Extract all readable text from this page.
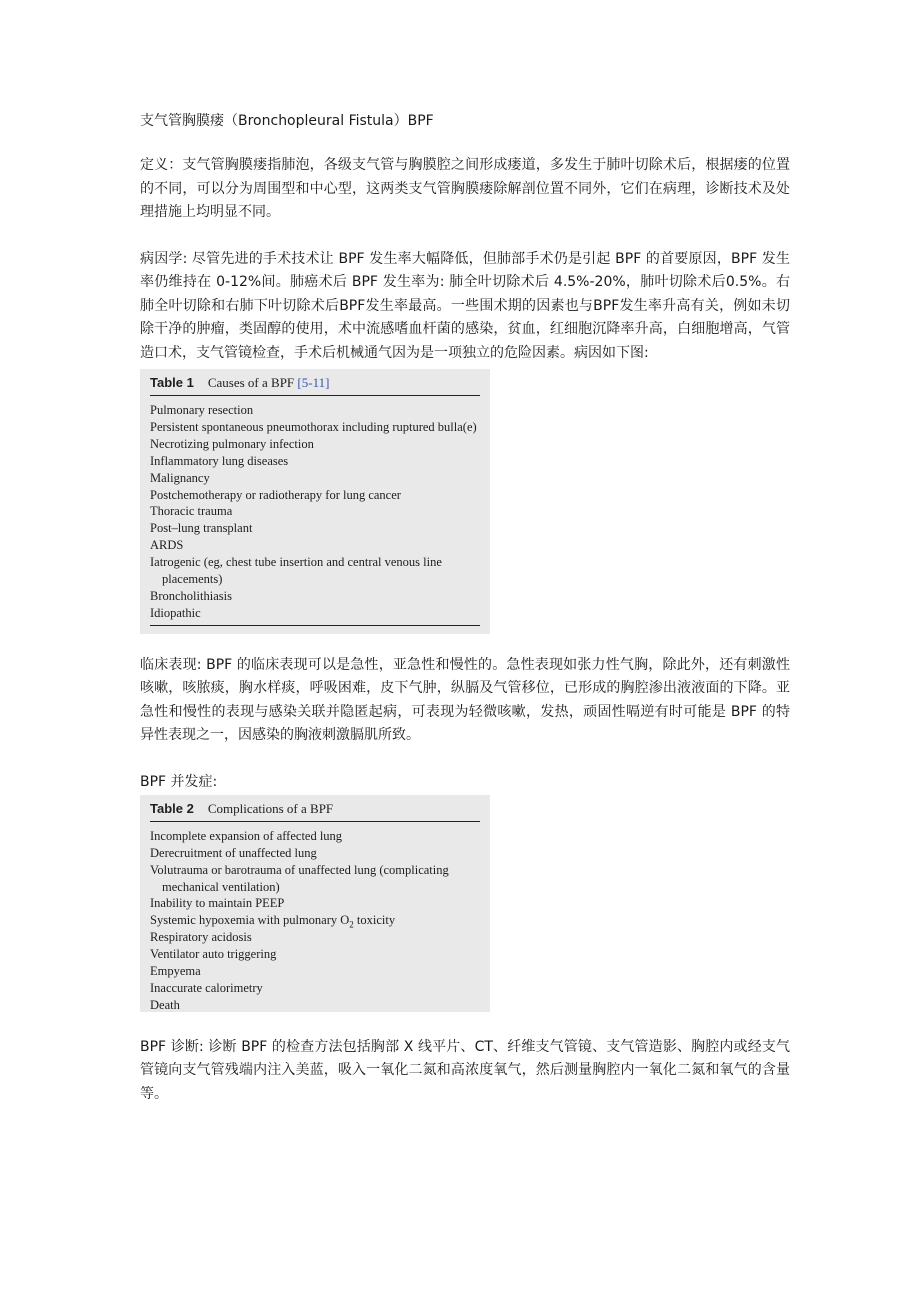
支气管胸膜瘘（Bronchopleural Fistula）BPF
定义：支气管胸膜瘘指肺泡，各级支气管与胸膜腔之间形成瘘道，多发生于肺叶切除术后，根据瘘的位置的不同，可以分为周围型和中心型，这两类支气管胸膜瘘除解剖位置不同外，它们在病理，诊断技术及处理措施上均明显不同。
病因学: 尽管先进的手术技术让 BPF 发生率大幅降低，但肺部手术仍是引起 BPF 的首要原因，BPF 发生率仍维持在 0-12%间。肺癌术后 BPF 发生率为: 肺全叶切除术后 4.5%-20%，肺叶切除术后0.5%。右肺全叶切除和右肺下叶切除术后BPF发生率最高。一些围术期的因素也与BPF发生率升高有关，例如未切除干净的肿瘤，类固醇的使用，术中流感嗜血杆菌的感染，贫血，红细胞沉降率升高，白细胞增高，气管造口术，支气管镜检查，手术后机械通气因为是一项独立的危险因素。病因如下图:
Table 1 Causes of a BPF [5-11]
Pulmonary resection
Persistent spontaneous pneumothorax including ruptured bulla(e)
Necrotizing pulmonary infection
Inflammatory lung diseases
Malignancy
Postchemotherapy or radiotherapy for lung cancer
Thoracic trauma
Post–lung transplant
ARDS
Iatrogenic (eg, chest tube insertion and central venous line placements)
Broncholithiasis
Idiopathic
临床表现: BPF 的临床表现可以是急性，亚急性和慢性的。急性表现如张力性气胸，除此外，还有刺激性咳嗽，咳脓痰，胸水样痰，呼吸困难，皮下气肿，纵膈及气管移位，已形成的胸腔渗出液液面的下降。亚急性和慢性的表现与感染关联并隐匿起病，可表现为轻微咳嗽，发热，顽固性嗝逆有时可能是 BPF 的特异性表现之一，因感染的胸液刺激膈肌所致。
BPF 并发症:
Table 2 Complications of a BPF
Incomplete expansion of affected lung
Derecruitment of unaffected lung
Volutrauma or barotrauma of unaffected lung (complicating mechanical ventilation)
Inability to maintain PEEP
Systemic hypoxemia with pulmonary $O_2$ toxicity
Respiratory acidosis
Ventilator auto triggering
Empyema
Inaccurate calorimetry
Death
BPF 诊断: 诊断 BPF 的检查方法包括胸部 X 线平片、CT、纤维支气管镜、支气管造影、胸腔内或经支气管镜向支气管残端内注入美蓝，吸入一氧化二氮和高浓度氧气，然后测量胸腔内一氧化二氮和氧气的含量等。
